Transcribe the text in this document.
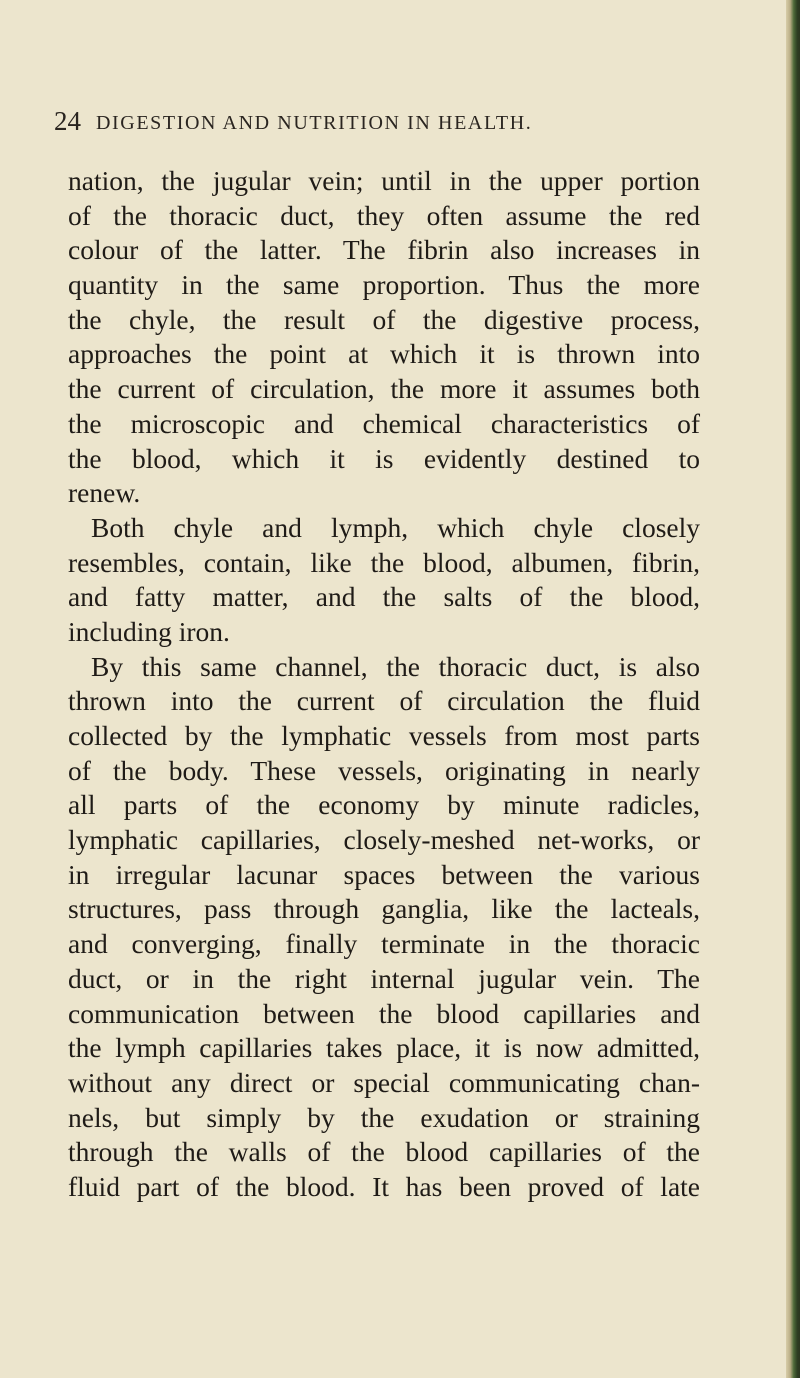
24 DIGESTION AND NUTRITION IN HEALTH.
nation, the jugular vein; until in the upper portion
of the thoracic duct, they often assume the red
colour of the latter. The fibrin also increases in
quantity in the same proportion. Thus the more
the chyle, the result of the digestive process,
approaches the point at which it is thrown into
the current of circulation, the more it assumes both
the microscopic and chemical characteristics of
the blood, which it is evidently destined to
renew.
Both chyle and lymph, which chyle closely
resembles, contain, like the blood, albumen, fibrin,
and fatty matter, and the salts of the blood,
including iron.
By this same channel, the thoracic duct, is also
thrown into the current of circulation the fluid
collected by the lymphatic vessels from most parts
of the body. These vessels, originating in nearly
all parts of the economy by minute radicles,
lymphatic capillaries, closely-meshed net-works, or
in irregular lacunar spaces between the various
structures, pass through ganglia, like the lacteals,
and converging, finally terminate in the thoracic
duct, or in the right internal jugular vein. The
communication between the blood capillaries and
the lymph capillaries takes place, it is now admitted,
without any direct or special communicating chan-
nels, but simply by the exudation or straining
through the walls of the blood capillaries of the
fluid part of the blood. It has been proved of late
